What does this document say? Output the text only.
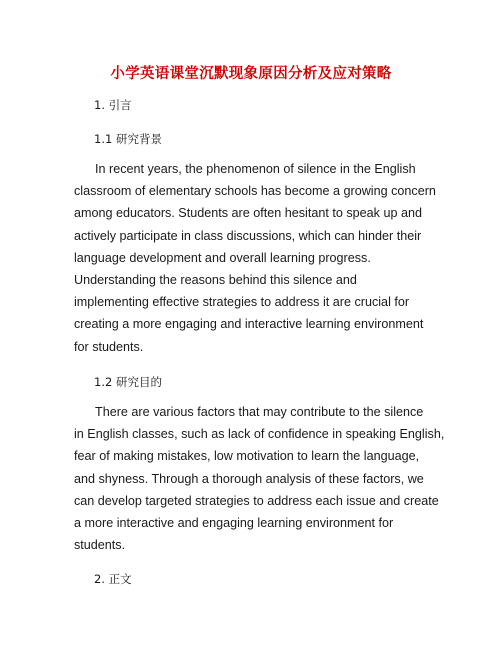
小学英语课堂沉默现象原因分析及应对策略
1. 引言
1.1 研究背景
In recent years, the phenomenon of silence in the English
classroom of elementary schools has become a growing concern
among educators. Students are often hesitant to speak up and
actively participate in class discussions, which can hinder their
language development and overall learning progress.
Understanding the reasons behind this silence and
implementing effective strategies to address it are crucial for
creating a more engaging and interactive learning environment
for students.
1.2 研究目的
There are various factors that may contribute to the silence
in English classes, such as lack of confidence in speaking English,
fear of making mistakes, low motivation to learn the language,
and shyness. Through a thorough analysis of these factors, we
can develop targeted strategies to address each issue and create
a more interactive and engaging learning environment for
students.
2. 正文
